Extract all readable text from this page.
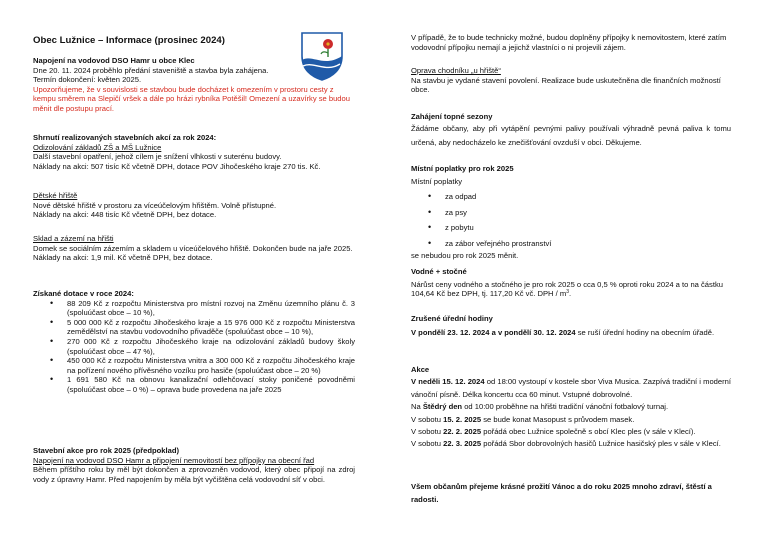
Obec Lužnice – Informace (prosinec 2024)
Napojení na vodovod DSO Hamr u obce Klec
Dne 20. 11. 2024 proběhlo předání staveniště a stavba byla zahájena.
Termín dokončení: květen 2025.
Upozorňujeme, že v souvislosti se stavbou bude docházet k omezením v prostoru cesty z kempu směrem na Slepičí vršek a dále po hrázi rybníka Potěšil! Omezení a uzavírky se budou měnit dle postupu prací.
Shrnutí realizovaných stavebních akcí za rok 2024:
Odizolování základů ZŠ a MŠ Lužnice
Další stavební opatření, jehož cílem je snížení vlhkosti v suterénu budovy.
Náklady na akci: 507 tisíc Kč včetně DPH, dotace POV Jihočeského kraje 270 tis. Kč.
Dětské hřiště
Nové dětské hřiště v prostoru za víceúčelovým hřištěm. Volně přístupné.
Náklady na akci: 448 tisíc Kč včetně DPH, bez dotace.
Sklad a zázemí na hřišti
Domek se sociálním zázemím a skladem u víceúčelového hřiště. Dokončen bude na jaře 2025.
Náklady na akci: 1,9 mil. Kč včetně DPH, bez dotace.
Získané dotace v roce 2024:
• 88 209 Kč z rozpočtu Ministerstva pro místní rozvoj na Změnu územního plánu č. 3 (spoluúčast obce – 10 %),
• 5 000 000 Kč z rozpočtu Jihočeského kraje a 15 976 000 Kč z rozpočtu Ministerstva zemědělství na stavbu vodovodního přivaděče (spoluúčast obce – 10 %),
• 270 000 Kč z rozpočtu Jihočeského kraje na odizolování základů budovy školy (spoluúčast obce – 47 %),
• 450 000 Kč z rozpočtu Ministerstva vnitra a 300 000 Kč z rozpočtu Jihočeského kraje na pořízení nového přívěsného vozíku pro hasiče (spoluúčast obce – 20 %)
• 1 691 580 Kč na obnovu kanalizační odlehčovací stoky poničené povodněmi (spoluúčast obce – 0 %) – oprava bude provedena na jaře 2025
Stavební akce pro rok 2025 (předpoklad)
Napojení na vodovod DSO Hamr a připojení nemovitostí bez přípojky na obecní řad
Během příštího roku by měl být dokončen a zprovozněn vodovod, který obec připojí na zdroj vody z úpravny Hamr. Před napojením by měla být vyčištěna celá vodovodní síť v obci.
V případě, že to bude technicky možné, budou doplněny přípojky k nemovitostem, které zatím vodovodní přípojku nemají a jejichž vlastníci o ni projevili zájem.
Oprava chodníku „u hřiště“
Na stavbu je vydané stavení povolení. Realizace bude uskutečněna dle finančních možností obce.
Zahájení topné sezony
Žádáme občany, aby při vytápění pevnými palivy používali výhradně pevná paliva k tomu určená, aby nedocházelo ke znečišťování ovzduší v obci. Děkujeme.
Místní poplatky pro rok 2025
Místní poplatky
• za odpad
• za psy
• z pobytu
• za zábor veřejného prostranství
se nebudou pro rok 2025 měnit.
Vodné + stočné
Nárůst ceny vodného a stočného je pro rok 2025 o cca 0,5 % oproti roku 2024 a to na částku 104,64 Kč bez DPH, tj. 117,20 Kč vč. DPH / $m^3$.
Zrušené úřední hodiny
V pondělí 23. 12. 2024 a v pondělí 30. 12. 2024 se ruší úřední hodiny na obecním úřadě.
Akce
V neděli 15. 12. 2024 od 18:00 vystoupí v kostele sbor Viva Musica. Zazpívá tradiční i moderní vánoční písně. Délka koncertu cca 60 minut. Vstupné dobrovolné.
Na Štědrý den od 10:00 proběhne na hřišti tradiční vánoční fotbalový turnaj.
V sobotu 15. 2. 2025 se bude konat Masopust s průvodem masek.
V sobotu 22. 2. 2025 pořádá obec Lužnice společně s obcí Klec ples (v sále v Klecí).
V sobotu 22. 3. 2025 pořádá Sbor dobrovolných hasičů Lužnice hasičský ples v sále v Klecí.
Všem občanům přejeme krásné prožití Vánoc a do roku 2025 mnoho zdraví, štěstí a radosti.
